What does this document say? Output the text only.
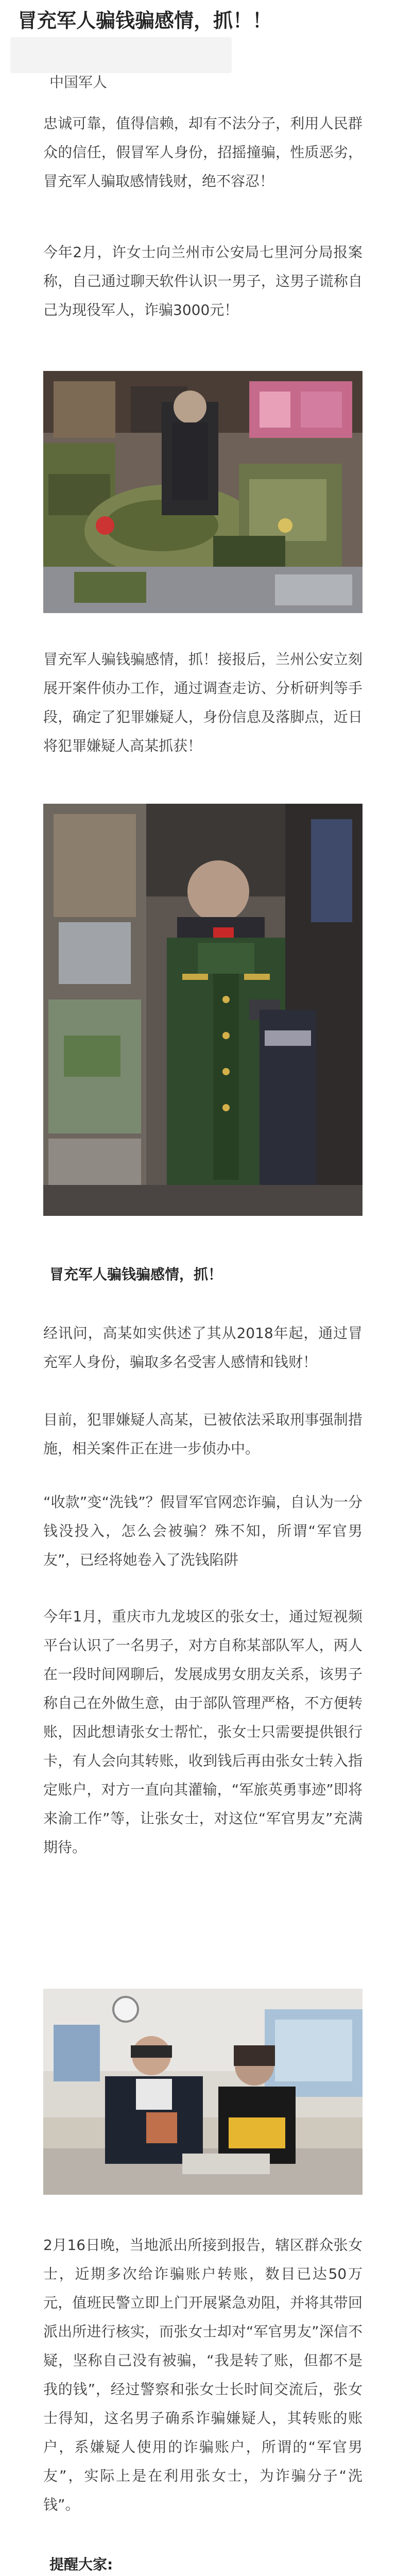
冒充军人骗钱骗感情，抓！！
中国军人

忠诚可靠，值得信赖，却有不法分子，利用人民群众的信任，假冒军人身份，招摇撞骗，性质恶劣，冒充军人骗取感情钱财，绝不容忍！

今年2月，许女士向兰州市公安局七里河分局报案称，自己通过聊天软件认识一男子，这男子谎称自己为现役军人，诈骗3000元！

冒充军人骗钱骗感情，抓！接报后，兰州公安立刻展开案件侦办工作，通过调查走访、分析研判等手段，确定了犯罪嫌疑人，身份信息及落脚点，近日将犯罪嫌疑人高某抓获！

冒充军人骗钱骗感情，抓！

经讯问，高某如实供述了其从2018年起，通过冒充军人身份，骗取多名受害人感情和钱财！

目前，犯罪嫌疑人高某，已被依法采取刑事强制措施，相关案件正在进一步侦办中。

“收款”变“洗钱”？假冒军官网恋诈骗，自认为一分钱没投入，怎么会被骗？殊不知，所谓“军官男友”，已经将她卷入了洗钱陷阱

今年1月，重庆市九龙坡区的张女士，通过短视频平台认识了一名男子，对方自称某部队军人，两人在一段时间网聊后，发展成男女朋友关系，该男子称自己在外做生意，由于部队管理严格，不方便转账，因此想请张女士帮忙，张女士只需要提供银行卡，有人会向其转账，收到钱后再由张女士转入指定账户，对方一直向其灌输，“军旅英勇事迹”即将来渝工作”等，让张女士，对这位“军官男友”充满期待。

2月16日晚，当地派出所接到报告，辖区群众张女士，近期多次给诈骗账户转账，数目已达50万元，值班民警立即上门开展紧急劝阻，并将其带回派出所进行核实，而张女士却对“军官男友”深信不疑，坚称自己没有被骗，“我是转了账，但都不是我的钱”，经过警察和张女士长时间交流后，张女士得知，这名男子确系诈骗嫌疑人，其转账的账户，系嫌疑人使用的诈骗账户，所谓的“军官男友”，实际上是在利用张女士，为诈骗分子“洗钱”。

提醒大家:
